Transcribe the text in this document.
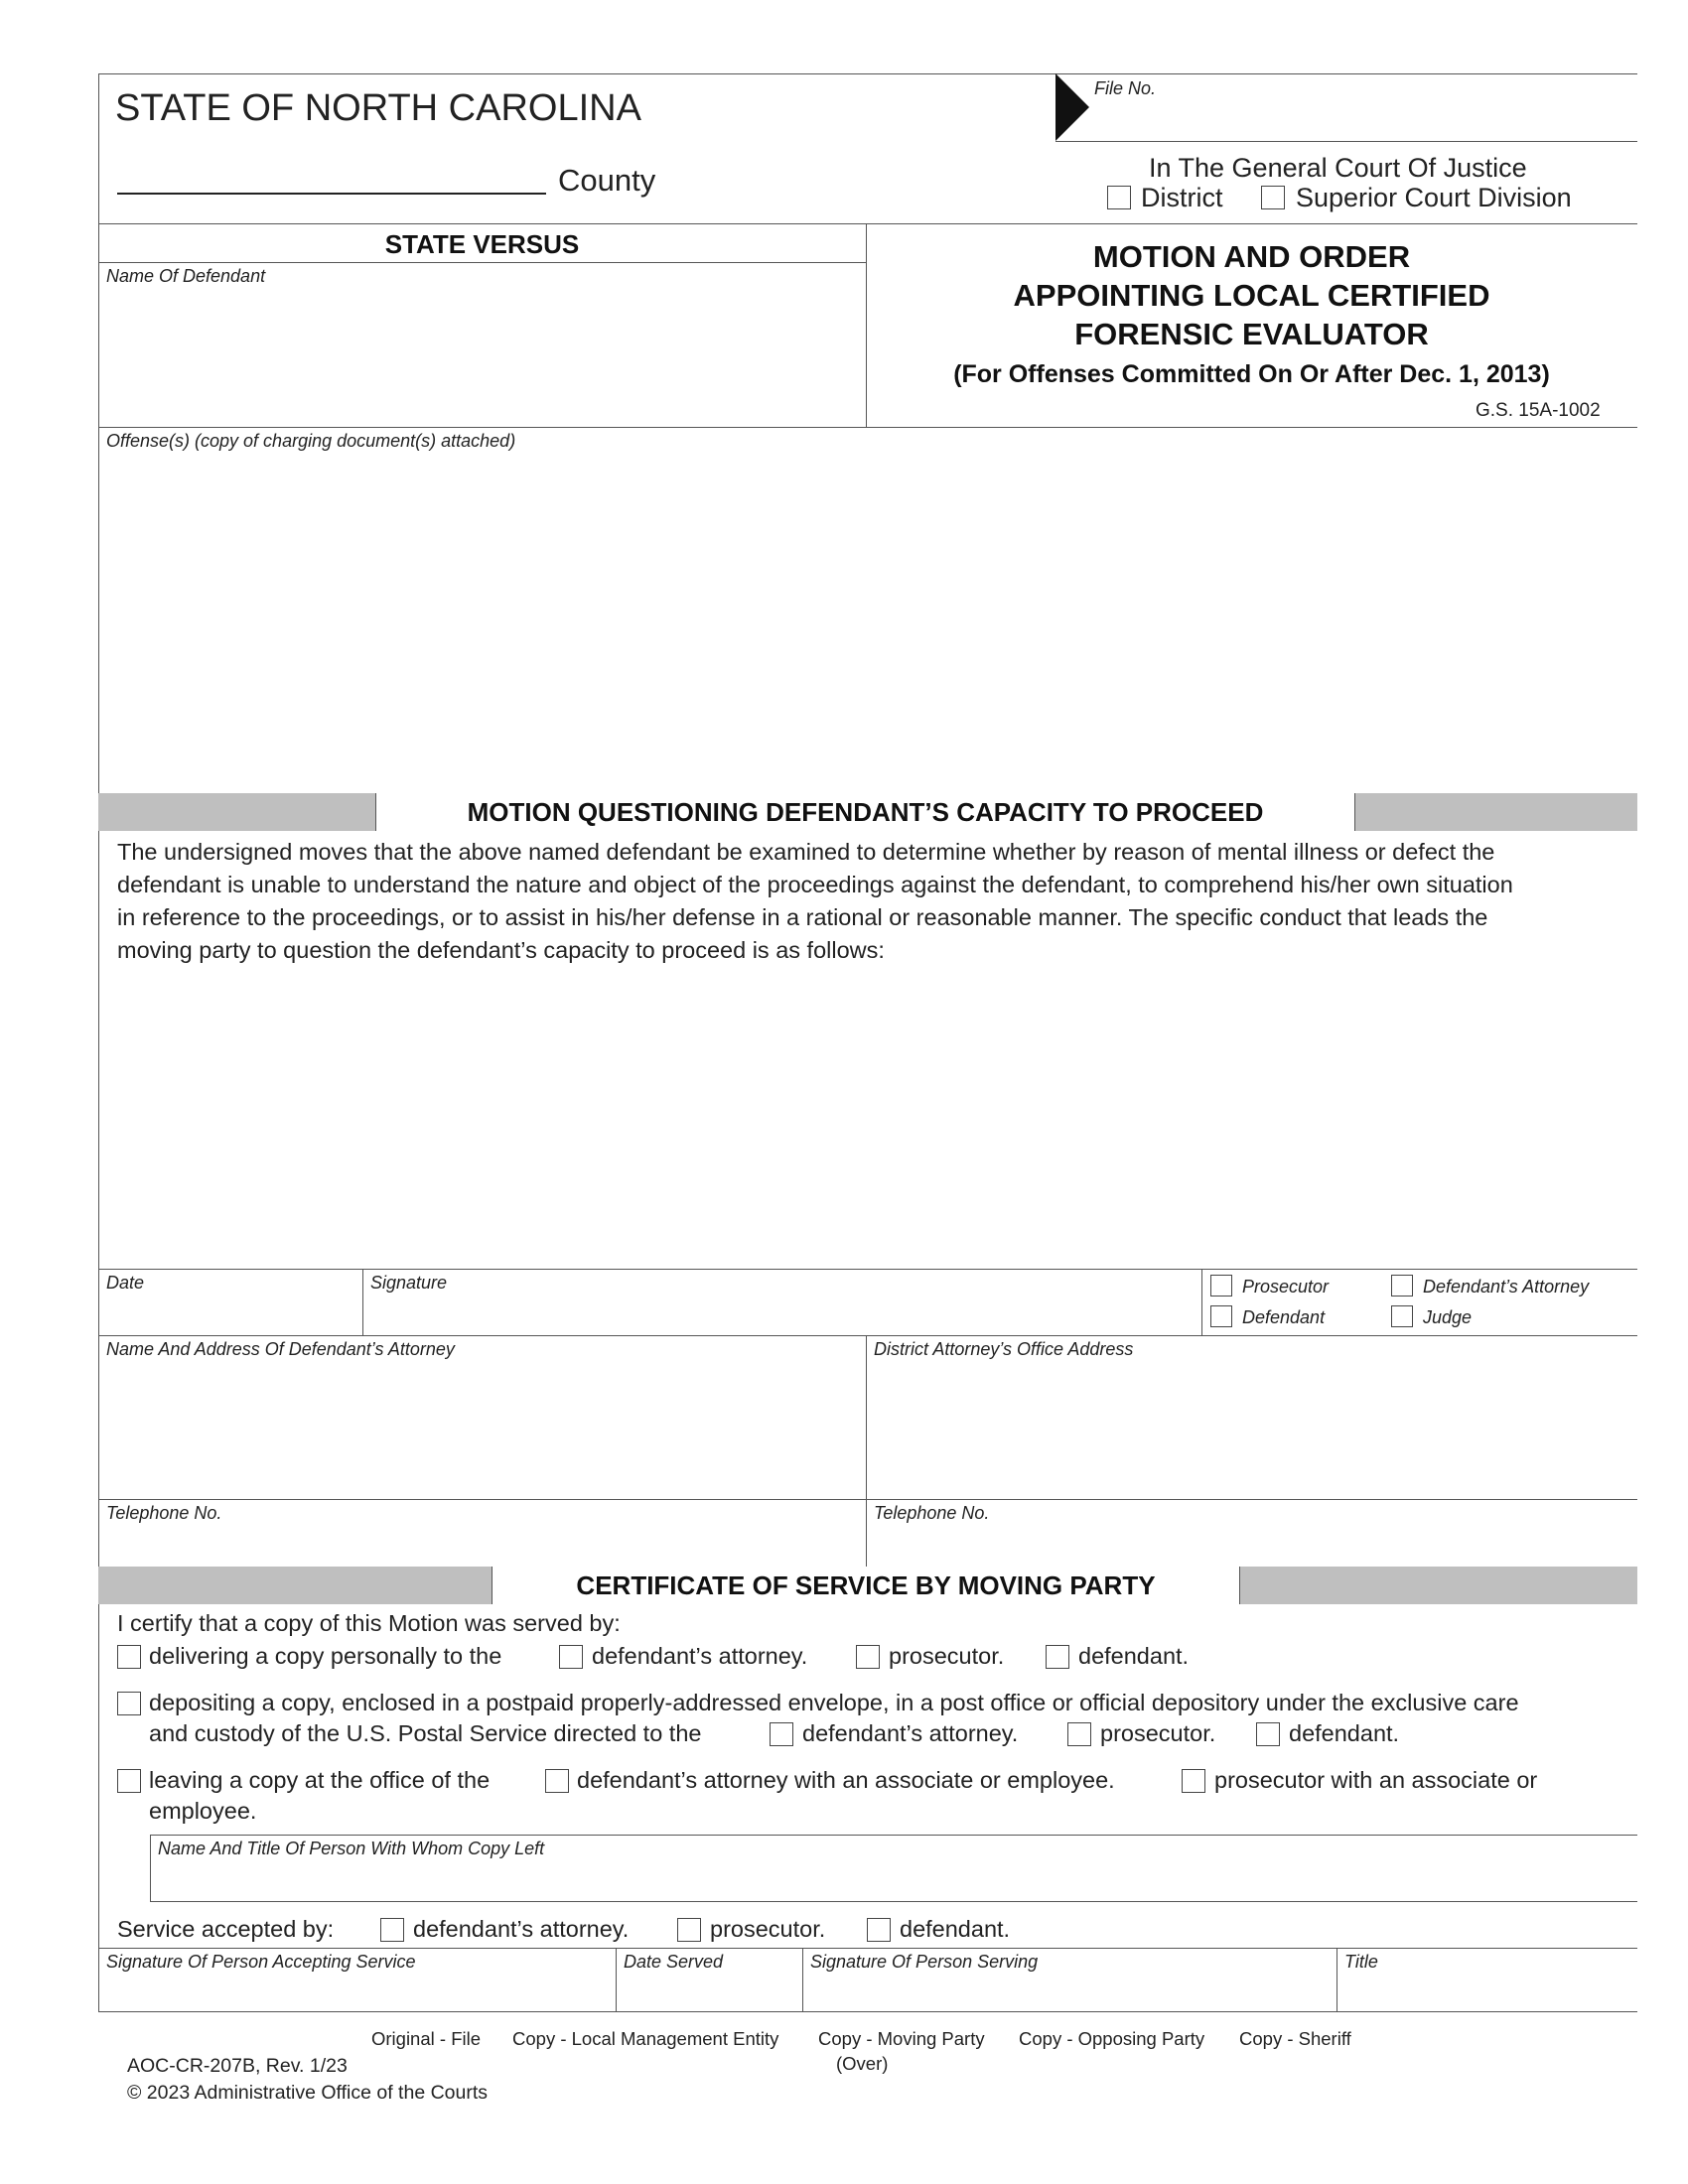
STATE OF NORTH CAROLINA
County
File No.
In The General Court Of Justice
District	Superior Court Division
STATE VERSUS
Name Of Defendant
MOTION AND ORDER
APPOINTING LOCAL CERTIFIED
FORENSIC EVALUATOR
(For Offenses Committed On Or After Dec. 1, 2013)
G.S. 15A-1002
Offense(s) (copy of charging document(s) attached)
MOTION QUESTIONING DEFENDANT’S CAPACITY TO PROCEED
The undersigned moves that the above named defendant be examined to determine whether by reason of mental illness or defect the
defendant is unable to understand the nature and object of the proceedings against the defendant, to comprehend his/her own situation
in reference to the proceedings, or to assist in his/her defense in a rational or reasonable manner. The specific conduct that leads the
moving party to question the defendant’s capacity to proceed is as follows:
Date	Signature	Prosecutor	Defendant’s Attorney
Defendant	Judge
Name And Address Of Defendant’s Attorney	District Attorney’s Office Address
Telephone No.	Telephone No.
CERTIFICATE OF SERVICE BY MOVING PARTY
I certify that a copy of this Motion was served by:
delivering a copy personally to the	defendant’s attorney.	prosecutor.	defendant.
depositing a copy, enclosed in a postpaid properly-addressed envelope, in a post office or official depository under the exclusive care
and custody of the U.S. Postal Service directed to the	defendant’s attorney.	prosecutor.	defendant.
leaving a copy at the office of the	defendant’s attorney with an associate or employee.	prosecutor with an associate or
employee.
Name And Title Of Person With Whom Copy Left
Service accepted by:	defendant’s attorney.	prosecutor.	defendant.
Signature Of Person Accepting Service	Date Served	Signature Of Person Serving	Title
Original - File Copy - Local Management Entity Copy - Moving Party Copy - Opposing Party Copy - Sheriff
(Over)
AOC-CR-207B, Rev. 1/23
© 2023 Administrative Office of the Courts
